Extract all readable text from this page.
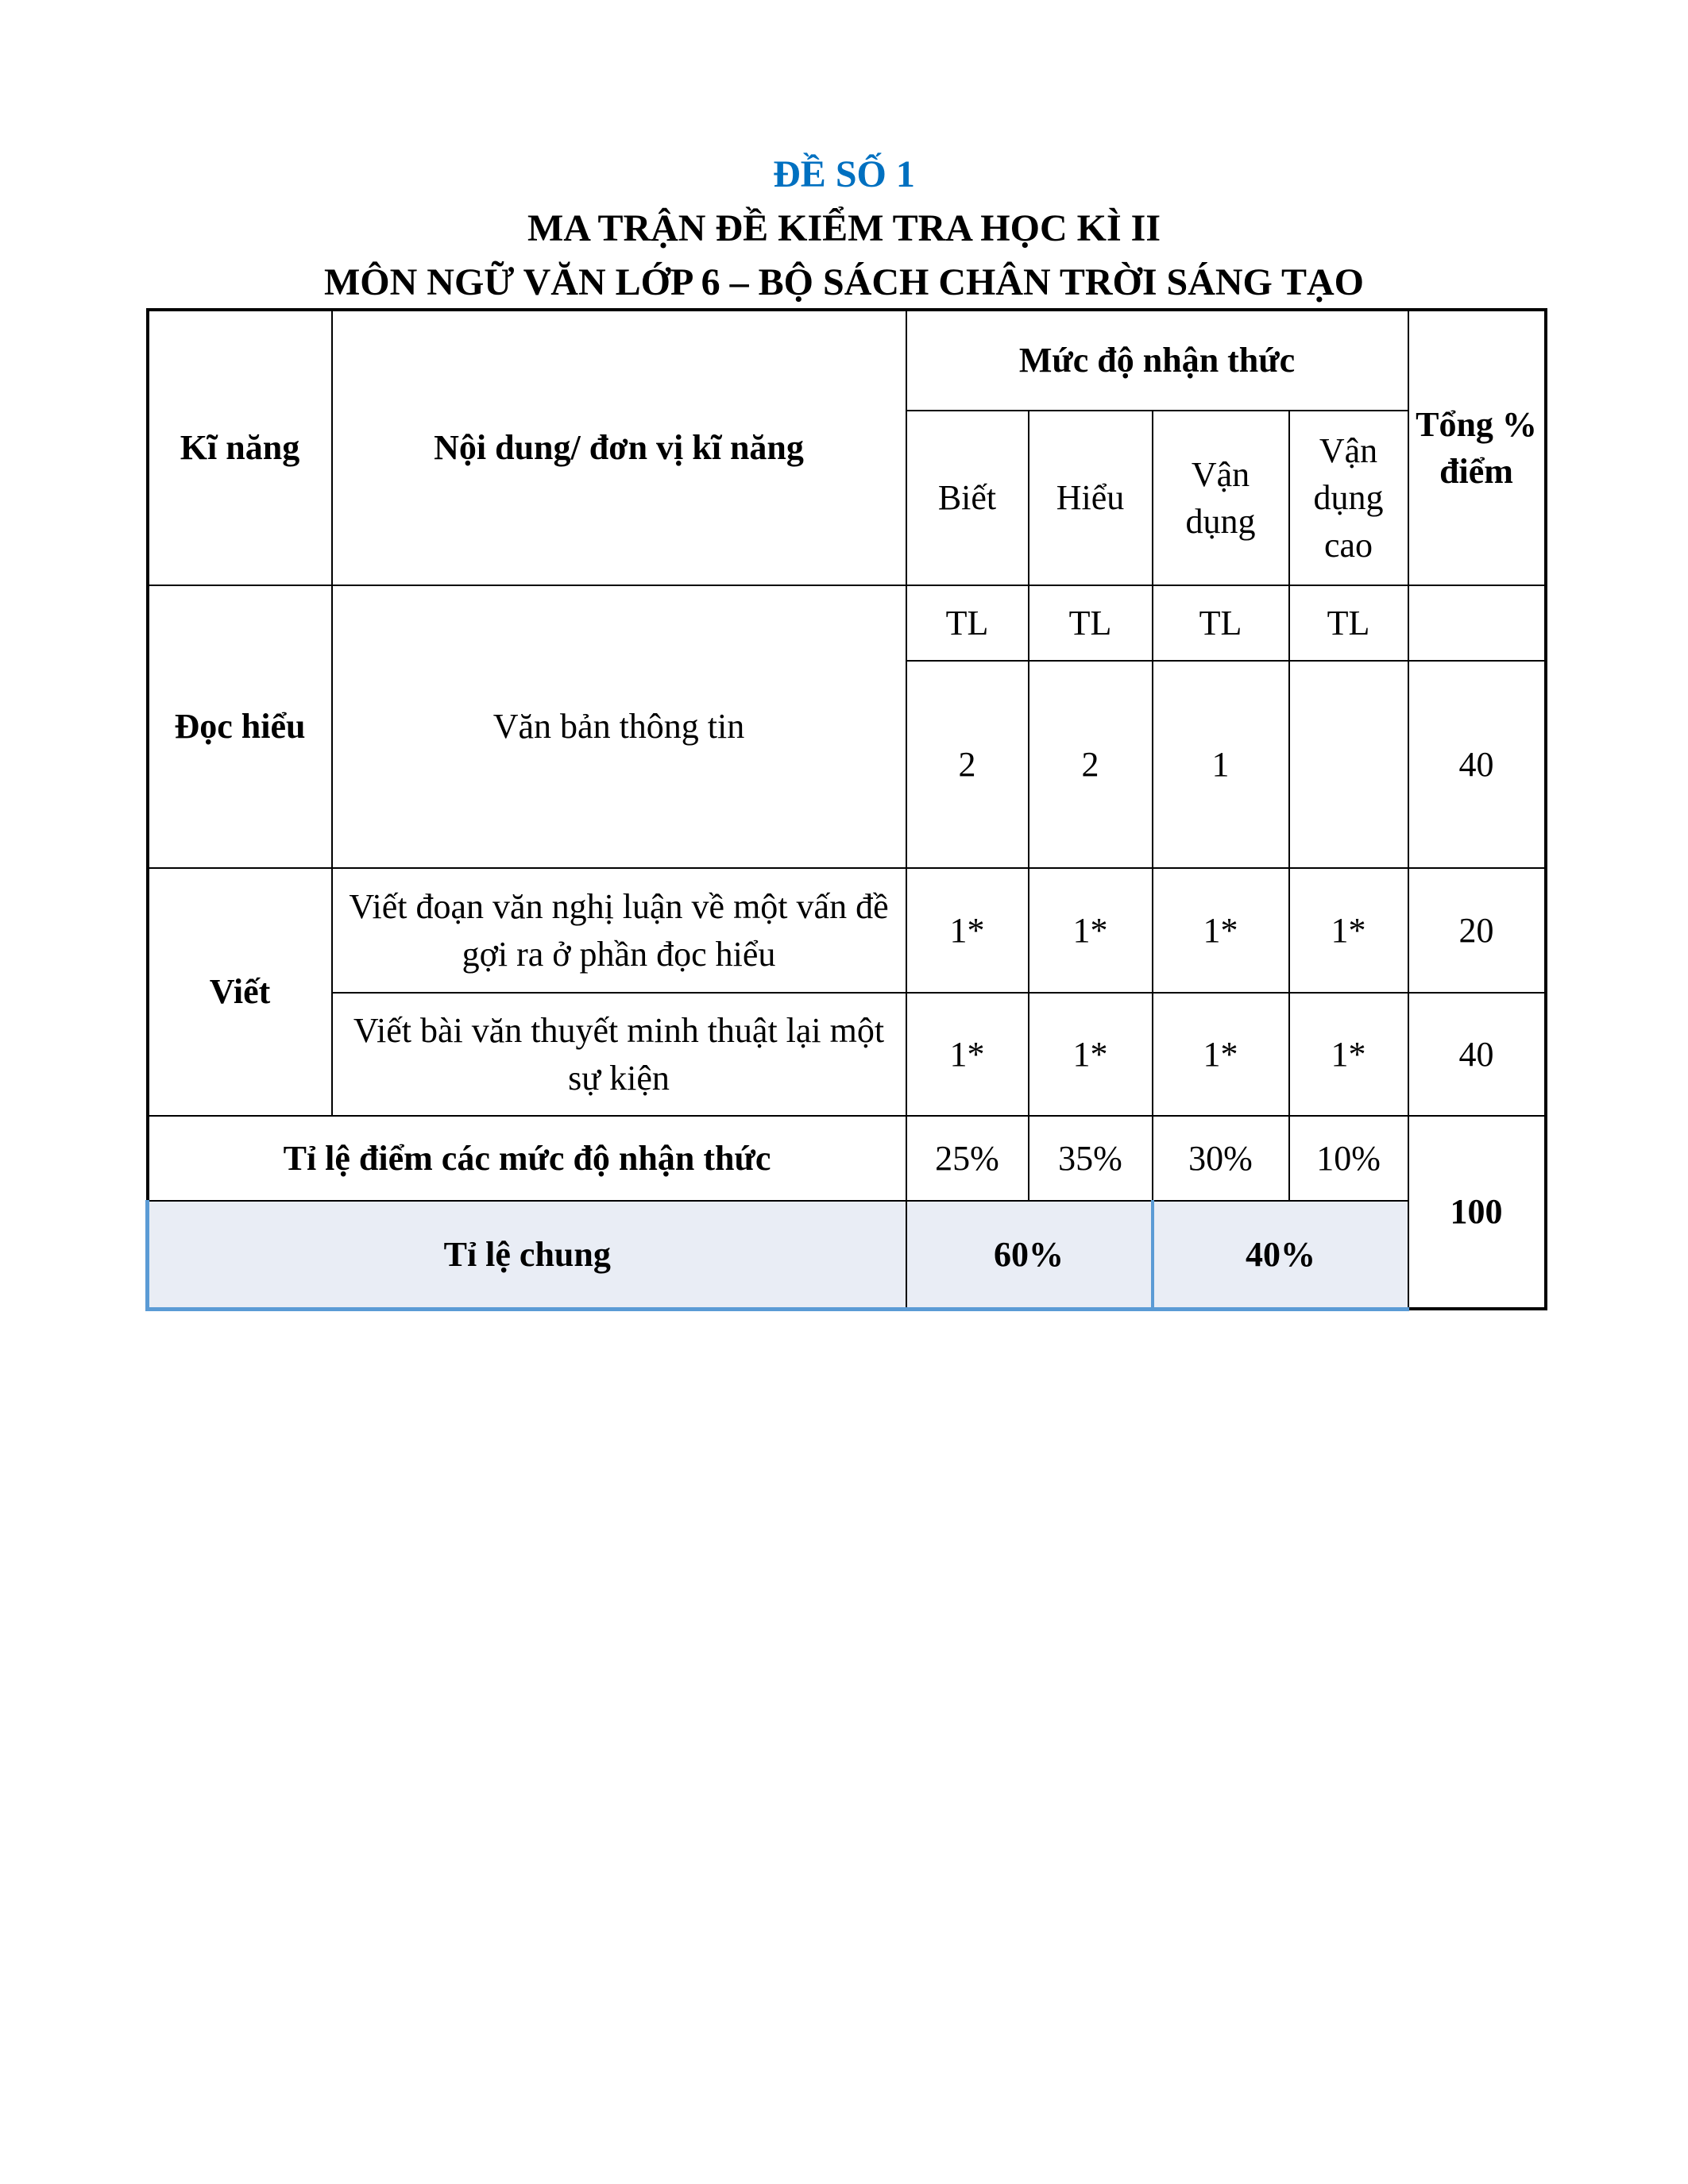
ĐỀ SỐ 1
MA TRẬN ĐỀ KIỂM TRA HỌC KÌ II
MÔN NGỮ VĂN LỚP 6 – BỘ SÁCH CHÂN TRỜI SÁNG TẠO
Kĩ năng	Nội dung/ đơn vị kĩ năng	Mức độ nhận thức				Tổng % điểm
		Biết	Hiểu	Vận dụng	Vận dụng cao	
Đọc hiểu	Văn bản thông tin	TL	TL	TL	TL	
		2	2	1		40
Viết	Viết đoạn văn nghị luận về một vấn đề gợi ra ở phần đọc hiểu	1*	1*	1*	1*	20
	Viết bài văn thuyết minh thuật lại một sự kiện	1*	1*	1*	1*	40
Tỉ lệ điểm các mức độ nhận thức		25%	35%	30%	10%	100
Tỉ lệ chung		60%		40%		
